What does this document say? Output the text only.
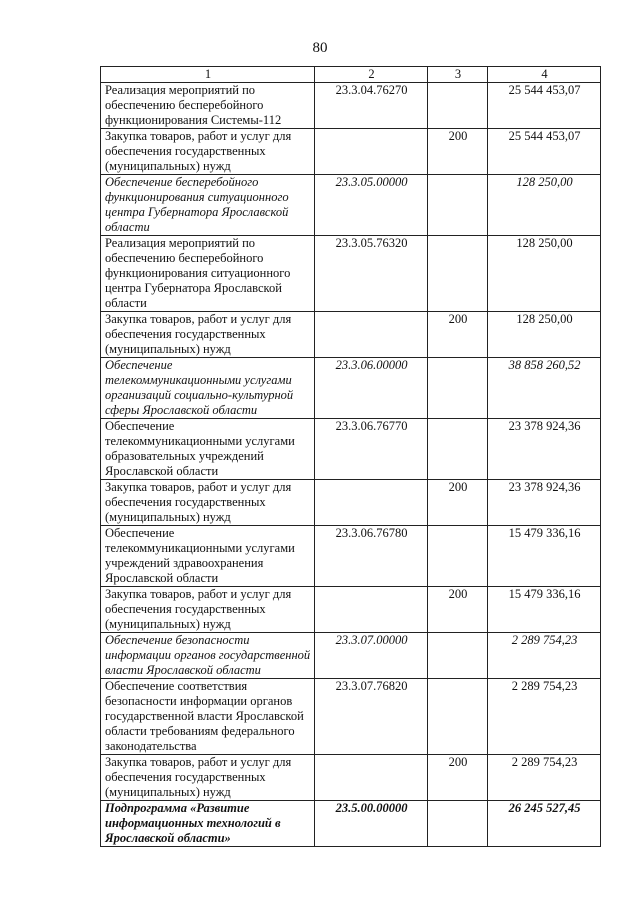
80
1	2	3	4
Реализация мероприятий по обеспечению бесперебойного функционирования Системы-112	23.3.04.76270		25 544 453,07
Закупка товаров, работ и услуг для обеспечения государственных (муниципальных) нужд		200	25 544 453,07
Обеспечение бесперебойного функционирования ситуационного центра Губернатора Ярославской области	23.3.05.00000		128 250,00
Реализация мероприятий по обеспечению бесперебойного функционирования ситуационного центра Губернатора Ярославской области	23.3.05.76320		128 250,00
Закупка товаров, работ и услуг для обеспечения государственных (муниципальных) нужд		200	128 250,00
Обеспечение телекоммуникационными услугами организаций социально-культурной сферы Ярославской области	23.3.06.00000		38 858 260,52
Обеспечение телекоммуникационными услугами образовательных учреждений Ярославской области	23.3.06.76770		23 378 924,36
Закупка товаров, работ и услуг для обеспечения государственных (муниципальных) нужд		200	23 378 924,36
Обеспечение телекоммуникационными услугами учреждений здравоохранения Ярославской области	23.3.06.76780		15 479 336,16
Закупка товаров, работ и услуг для обеспечения государственных (муниципальных) нужд		200	15 479 336,16
Обеспечение безопасности информации органов государственной власти Ярославской области	23.3.07.00000		2 289 754,23
Обеспечение соответствия безопасности информации органов государственной власти Ярославской области требованиям федерального законодательства	23.3.07.76820		2 289 754,23
Закупка товаров, работ и услуг для обеспечения государственных (муниципальных) нужд		200	2 289 754,23
Подпрограмма «Развитие информационных технологий в Ярославской области»	23.5.00.00000		26 245 527,45
